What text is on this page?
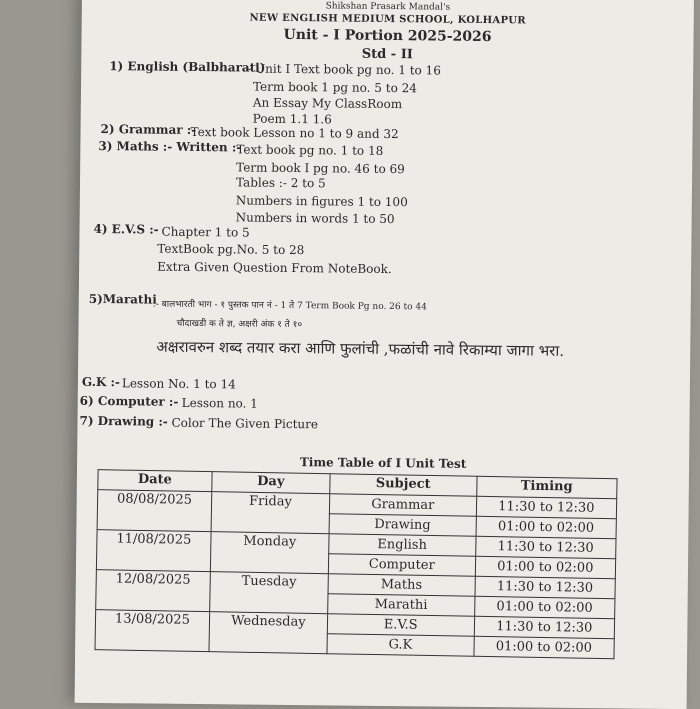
Shikshan Prasark Mandal's
NEW ENGLISH MEDIUM SCHOOL, KOLHAPUR
Unit - I Portion 2025-2026
Std - II
1) English (Balbharati)
- Unit I Text book pg no. 1 to 16
Term book 1 pg no. 5 to 24
An Essay My ClassRoom
Poem 1.1 1.6
2) Grammar :-
Text book Lesson no 1 to 9 and 32
3) Maths :- Written :-
Text book pg no. 1 to 18
Term book I pg no. 46 to 69
Tables :- 2 to 5
Numbers in figures 1 to 100
Numbers in words 1 to 50
4) E.V.S :- Chapter 1 to 5
TextBook pg.No. 5 to 28
Extra Given Question From NoteBook.
5)Marathi
:- बालभारती भाग - १ पुस्तक पान नं - 1 ते 7 Term Book Pg no. 26 to 44
चौदाखडी क ते ज्ञ, अक्षरी अंक १ ते १०
अक्षरावरुन शब्द तयार करा आणि फुलांची ,फळांची नावे रिकाम्या जागा भरा.
G.K :- Lesson No. 1 to 14
6) Computer :- Lesson no. 1
7) Drawing :- Color The Given Picture
Time Table of I Unit Test
Date	Day	Subject	Timing
08/08/2025	Friday	Grammar	11:30 to 12:30
		Drawing	01:00 to 02:00
11/08/2025	Monday	English	11:30 to 12:30
		Computer	01:00 to 02:00
12/08/2025	Tuesday	Maths	11:30 to 12:30
		Marathi	01:00 to 02:00
13/08/2025	Wednesday	E.V.S	11:30 to 12:30
		G.K	01:00 to 02:00
